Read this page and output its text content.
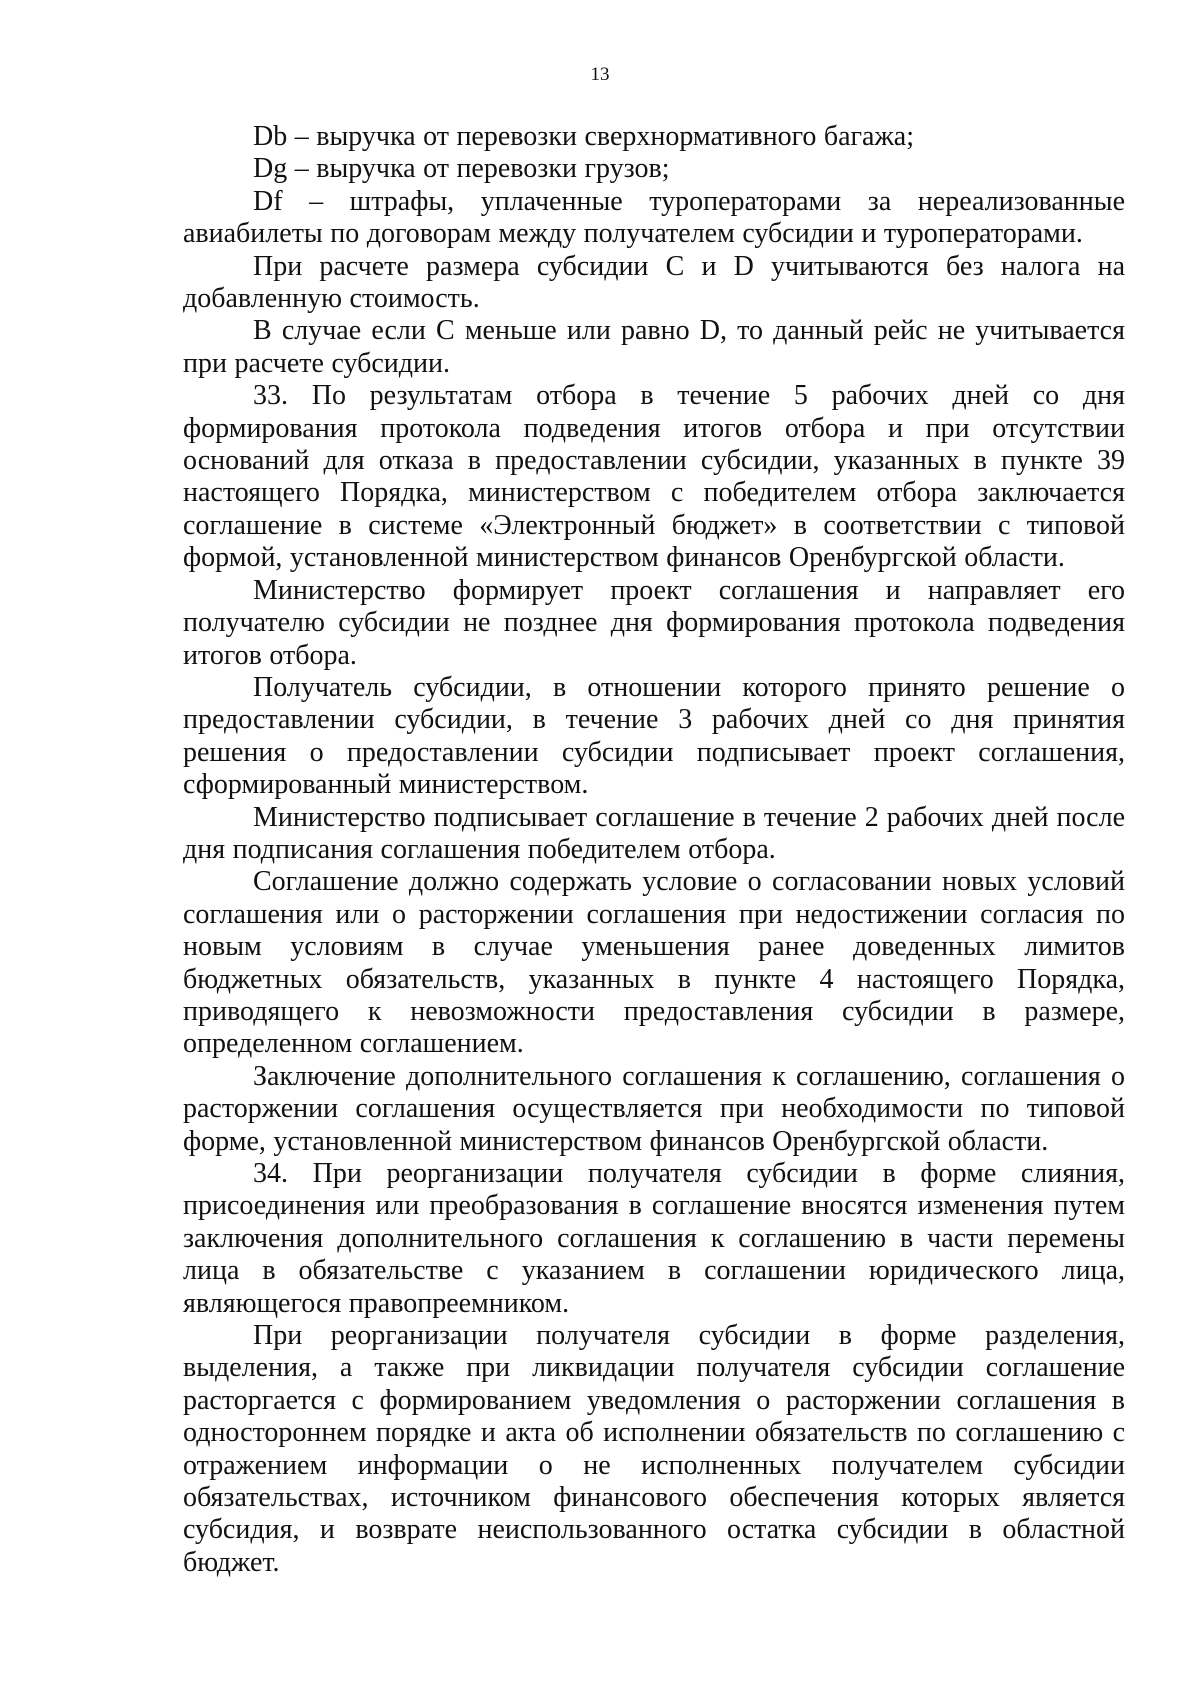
13

Db – выручка от перевозки сверхнормативного багажа;

Dg – выручка от перевозки грузов;

Df – штрафы, уплаченные туроператорами за нереализованные авиабилеты по договорам между получателем субсидии и туроператорами.

При расчете размера субсидии С и D учитываются без налога на добавленную стоимость.

В случае если С меньше или равно D, то данный рейс не учитывается при расчете субсидии.

33. По результатам отбора в течение 5 рабочих дней со дня формирования протокола подведения итогов отбора и при отсутствии оснований для отказа в предоставлении субсидии, указанных в пункте 39 настоящего Порядка, министерством с победителем отбора заключается соглашение в системе «Электронный бюджет» в соответствии с типовой формой, установленной министерством финансов Оренбургской области.

Министерство формирует проект соглашения и направляет его получателю субсидии не позднее дня формирования протокола подведения итогов отбора.

Получатель субсидии, в отношении которого принято решение о предоставлении субсидии, в течение 3 рабочих дней со дня принятия решения о предоставлении субсидии подписывает проект соглашения, сформированный министерством.

Министерство подписывает соглашение в течение 2 рабочих дней после дня подписания соглашения победителем отбора.

Соглашение должно содержать условие о согласовании новых условий соглашения или о расторжении соглашения при недостижении согласия по новым условиям в случае уменьшения ранее доведенных лимитов бюджетных обязательств, указанных в пункте 4 настоящего Порядка, приводящего к невозможности предоставления субсидии в размере, определенном соглашением.

Заключение дополнительного соглашения к соглашению, соглашения о расторжении соглашения осуществляется при необходимости по типовой форме, установленной министерством финансов Оренбургской области.

34. При реорганизации получателя субсидии в форме слияния, присоединения или преобразования в соглашение вносятся изменения путем заключения дополнительного соглашения к соглашению в части перемены лица в обязательстве с указанием в соглашении юридического лица, являющегося правопреемником.

При реорганизации получателя субсидии в форме разделения, выделения, а также при ликвидации получателя субсидии соглашение расторгается с формированием уведомления о расторжении соглашения в одностороннем порядке и акта об исполнении обязательств по соглашению с отражением информации о не исполненных получателем субсидии обязательствах, источником финансового обеспечения которых является субсидия, и возврате неиспользованного остатка субсидии в областной бюджет.
